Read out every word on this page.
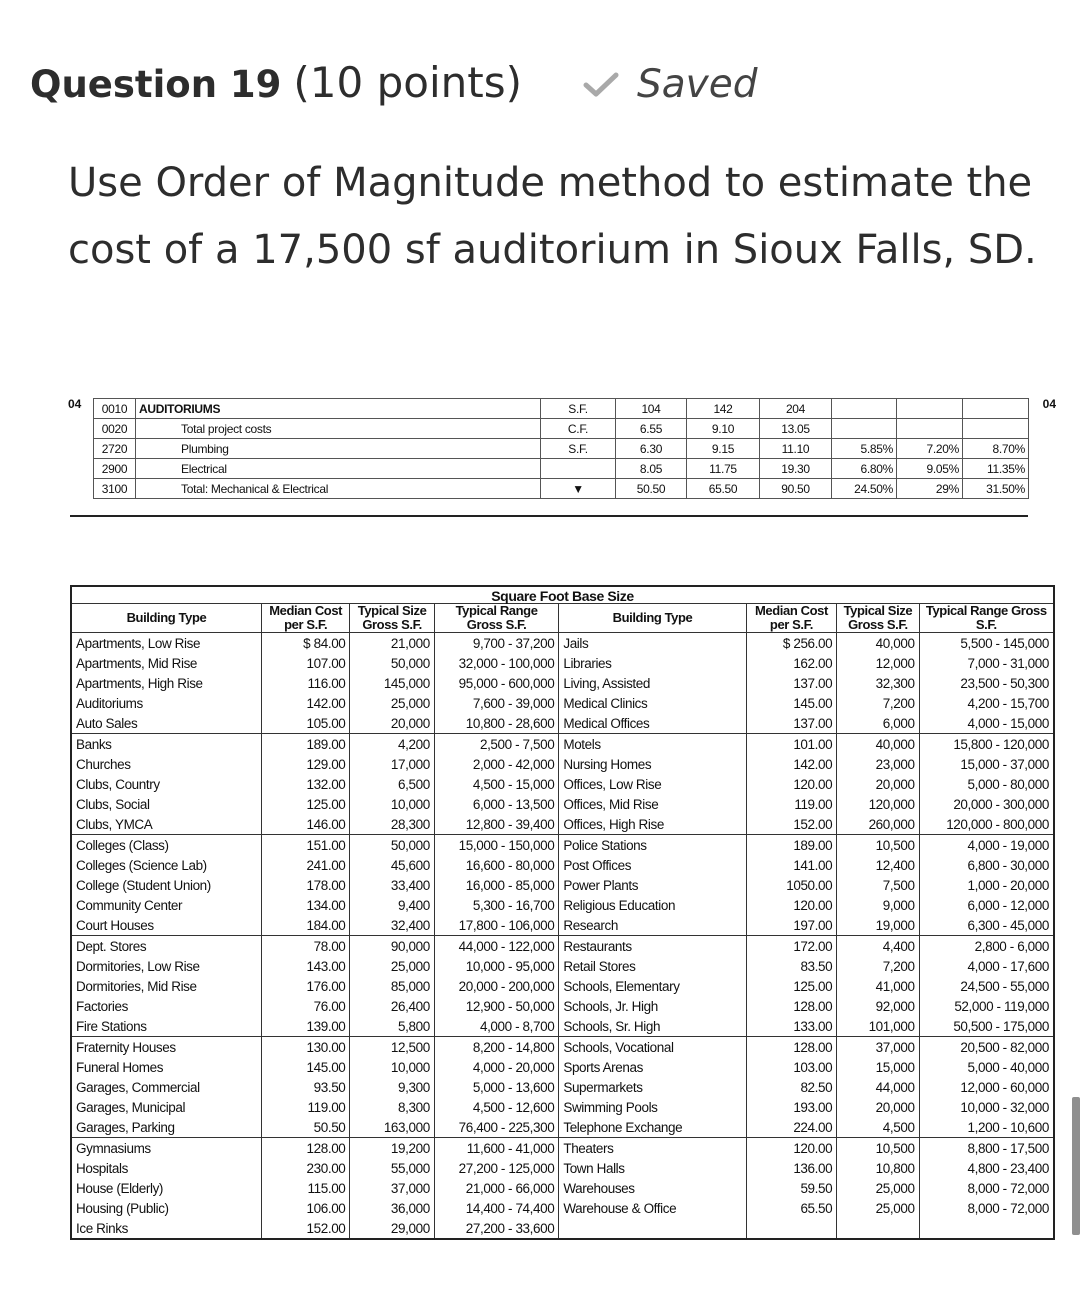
Question 19 (10 points)	Saved
Use Order of Magnitude method to estimate the cost of a 17,500 sf auditorium in Sioux Falls, SD.
04	04
0010	AUDITORIUMS	S.F.	104	142	204			
0020	Total project costs	C.F.	6.55	9.10	13.05			
2720	Plumbing	S.F.	6.30	9.15	11.10	5.85%	7.20%	8.70%
2900	Electrical		8.05	11.75	19.30	6.80%	9.05%	11.35%
3100	Total: Mechanical & Electrical	▼	50.50	65.50	90.50	24.50%	29%	31.50%
Square Foot Base Size							
Building Type	Median Cost per S.F.	Typical Size Gross S.F.	Typical Range Gross S.F.	Building Type	Median Cost per S.F.	Typical Size Gross S.F.	Typical Range Gross S.F.
Apartments, Low Rise	$ 84.00	21,000	9,700 - 37,200	Jails	$ 256.00	40,000	5,500 - 145,000
Apartments, Mid Rise	107.00	50,000	32,000 - 100,000	Libraries	162.00	12,000	7,000 - 31,000
Apartments, High Rise	116.00	145,000	95,000 - 600,000	Living, Assisted	137.00	32,300	23,500 - 50,300
Auditoriums	142.00	25,000	7,600 - 39,000	Medical Clinics	145.00	7,200	4,200 - 15,700
Auto Sales	105.00	20,000	10,800 - 28,600	Medical Offices	137.00	6,000	4,000 - 15,000
Banks	189.00	4,200	2,500 - 7,500	Motels	101.00	40,000	15,800 - 120,000
Churches	129.00	17,000	2,000 - 42,000	Nursing Homes	142.00	23,000	15,000 - 37,000
Clubs, Country	132.00	6,500	4,500 - 15,000	Offices, Low Rise	120.00	20,000	5,000 - 80,000
Clubs, Social	125.00	10,000	6,000 - 13,500	Offices, Mid Rise	119.00	120,000	20,000 - 300,000
Clubs, YMCA	146.00	28,300	12,800 - 39,400	Offices, High Rise	152.00	260,000	120,000 - 800,000
Colleges (Class)	151.00	50,000	15,000 - 150,000	Police Stations	189.00	10,500	4,000 - 19,000
Colleges (Science Lab)	241.00	45,600	16,600 - 80,000	Post Offices	141.00	12,400	6,800 - 30,000
College (Student Union)	178.00	33,400	16,000 - 85,000	Power Plants	1050.00	7,500	1,000 - 20,000
Community Center	134.00	9,400	5,300 - 16,700	Religious Education	120.00	9,000	6,000 - 12,000
Court Houses	184.00	32,400	17,800 - 106,000	Research	197.00	19,000	6,300 - 45,000
Dept. Stores	78.00	90,000	44,000 - 122,000	Restaurants	172.00	4,400	2,800 - 6,000
Dormitories, Low Rise	143.00	25,000	10,000 - 95,000	Retail Stores	83.50	7,200	4,000 - 17,600
Dormitories, Mid Rise	176.00	85,000	20,000 - 200,000	Schools, Elementary	125.00	41,000	24,500 - 55,000
Factories	76.00	26,400	12,900 - 50,000	Schools, Jr. High	128.00	92,000	52,000 - 119,000
Fire Stations	139.00	5,800	4,000 - 8,700	Schools, Sr. High	133.00	101,000	50,500 - 175,000
Fraternity Houses	130.00	12,500	8,200 - 14,800	Schools, Vocational	128.00	37,000	20,500 - 82,000
Funeral Homes	145.00	10,000	4,000 - 20,000	Sports Arenas	103.00	15,000	5,000 - 40,000
Garages, Commercial	93.50	9,300	5,000 - 13,600	Supermarkets	82.50	44,000	12,000 - 60,000
Garages, Municipal	119.00	8,300	4,500 - 12,600	Swimming Pools	193.00	20,000	10,000 - 32,000
Garages, Parking	50.50	163,000	76,400 - 225,300	Telephone Exchange	224.00	4,500	1,200 - 10,600
Gymnasiums	128.00	19,200	11,600 - 41,000	Theaters	120.00	10,500	8,800 - 17,500
Hospitals	230.00	55,000	27,200 - 125,000	Town Halls	136.00	10,800	4,800 - 23,400
House (Elderly)	115.00	37,000	21,000 - 66,000	Warehouses	59.50	25,000	8,000 - 72,000
Housing (Public)	106.00	36,000	14,400 - 74,400	Warehouse & Office	65.50	25,000	8,000 - 72,000
Ice Rinks	152.00	29,000	27,200 - 33,600				
